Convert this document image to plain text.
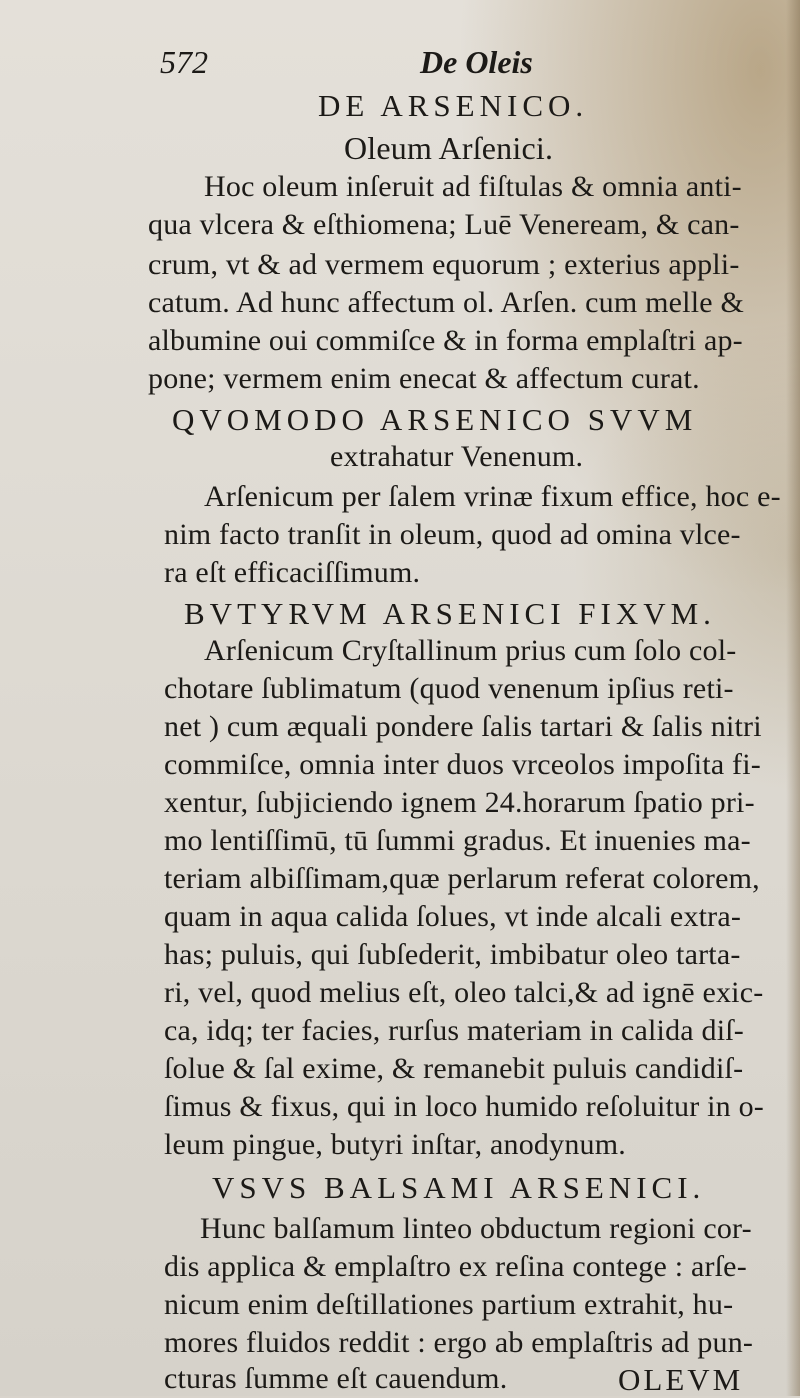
572	De Oleis
DE ARSENICO.
Oleum Arſenici.
Hoc oleum inſeruit ad fiſtulas & omnia anti-
qua vlcera & eſthiomena; Luē Veneream, & can-
crum, vt & ad vermem equorum ; exterius appli-
catum. Ad hunc affectum ol. Arſen. cum melle &
albumine oui commiſce & in forma emplaſtri ap-
pone; vermem enim enecat & affectum curat.
QVOMODO ARSENICO SVVM
extrahatur Venenum.
Arſenicum per ſalem vrinæ fixum effice, hoc e-
nim facto tranſit in oleum, quod ad omina vlce-
ra eſt efficaciſſimum.
BVTYRVM ARSENICI FIXVM.
Arſenicum Cryſtallinum prius cum ſolo col-
chotare ſublimatum (quod venenum ipſius reti-
net ) cum æquali pondere ſalis tartari & ſalis nitri
commiſce, omnia inter duos vrceolos impoſita fi-
xentur, ſubjiciendo ignem 24.horarum ſpatio pri-
mo lentiſſimū, tū ſummi gradus. Et inuenies ma-
teriam albiſſimam,quæ perlarum referat colorem,
quam in aqua calida ſolues, vt inde alcali extra-
has; puluis, qui ſubſederit, imbibatur oleo tarta-
ri, vel, quod melius eſt, oleo talci,& ad ignē exic-
ca, idq; ter facies, rurſus materiam in calida diſ-
ſolue & ſal exime, & remanebit puluis candidiſ-
ſimus & fixus, qui in loco humido reſoluitur in o-
leum pingue, butyri inſtar, anodynum.
VSVS BALSAMI ARSENICI.
Hunc balſamum linteo obductum regioni cor-
dis applica & emplaſtro ex reſina contege : arſe-
nicum enim deſtillationes partium extrahit, hu-
mores fluidos reddit : ergo ab emplaſtris ad pun-
cturas ſumme eſt cauendum.	OLEVM
